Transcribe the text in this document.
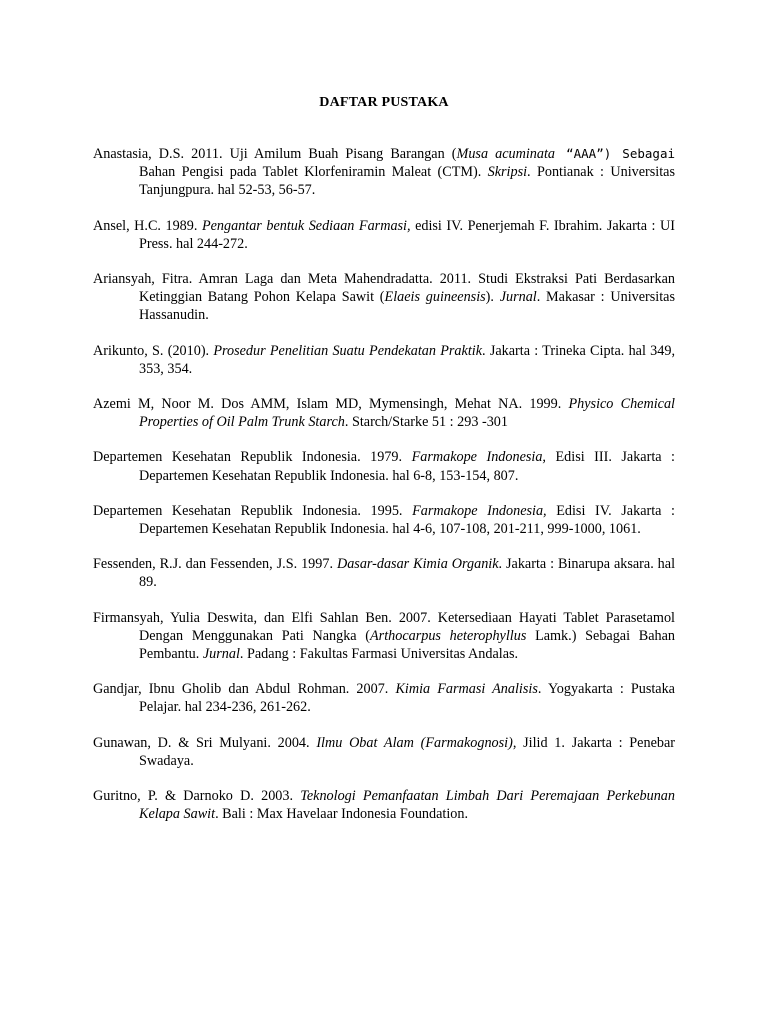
DAFTAR PUSTAKA

Anastasia, D.S. 2011. Uji Amilum Buah Pisang Barangan (Musa acuminata “AAA”) Sebagai Bahan Pengisi pada Tablet Klorfeniramin Maleat (CTM). Skripsi. Pontianak : Universitas Tanjungpura. hal 52-53, 56-57.

Ansel, H.C. 1989. Pengantar bentuk Sediaan Farmasi, edisi IV. Penerjemah F. Ibrahim. Jakarta : UI Press. hal 244-272.

Ariansyah, Fitra. Amran Laga dan Meta Mahendradatta. 2011. Studi Ekstraksi Pati Berdasarkan Ketinggian Batang Pohon Kelapa Sawit (Elaeis guineensis). Jurnal. Makasar : Universitas Hassanudin.

Arikunto, S. (2010). Prosedur Penelitian Suatu Pendekatan Praktik. Jakarta : Trineka Cipta. hal 349, 353, 354.

Azemi M, Noor M. Dos AMM, Islam MD, Mymensingh, Mehat NA. 1999. Physico Chemical Properties of Oil Palm Trunk Starch. Starch/Starke 51 : 293 -301

Departemen Kesehatan Republik Indonesia. 1979. Farmakope Indonesia, Edisi III. Jakarta : Departemen Kesehatan Republik Indonesia. hal 6-8, 153-154, 807.

Departemen Kesehatan Republik Indonesia. 1995. Farmakope Indonesia, Edisi IV. Jakarta : Departemen Kesehatan Republik Indonesia. hal 4-6, 107-108, 201-211, 999-1000, 1061.

Fessenden, R.J. dan Fessenden, J.S. 1997. Dasar-dasar Kimia Organik. Jakarta : Binarupa aksara. hal 89.

Firmansyah, Yulia Deswita, dan Elfi Sahlan Ben. 2007. Ketersediaan Hayati Tablet Parasetamol Dengan Menggunakan Pati Nangka (Arthocarpus heterophyllus Lamk.) Sebagai Bahan Pembantu. Jurnal. Padang : Fakultas Farmasi Universitas Andalas.

Gandjar, Ibnu Gholib dan Abdul Rohman. 2007. Kimia Farmasi Analisis. Yogyakarta : Pustaka Pelajar. hal 234-236, 261-262.

Gunawan, D. & Sri Mulyani. 2004. Ilmu Obat Alam (Farmakognosi), Jilid 1. Jakarta : Penebar Swadaya.

Guritno, P. & Darnoko D. 2003. Teknologi Pemanfaatan Limbah Dari Peremajaan Perkebunan Kelapa Sawit. Bali : Max Havelaar Indonesia Foundation.
